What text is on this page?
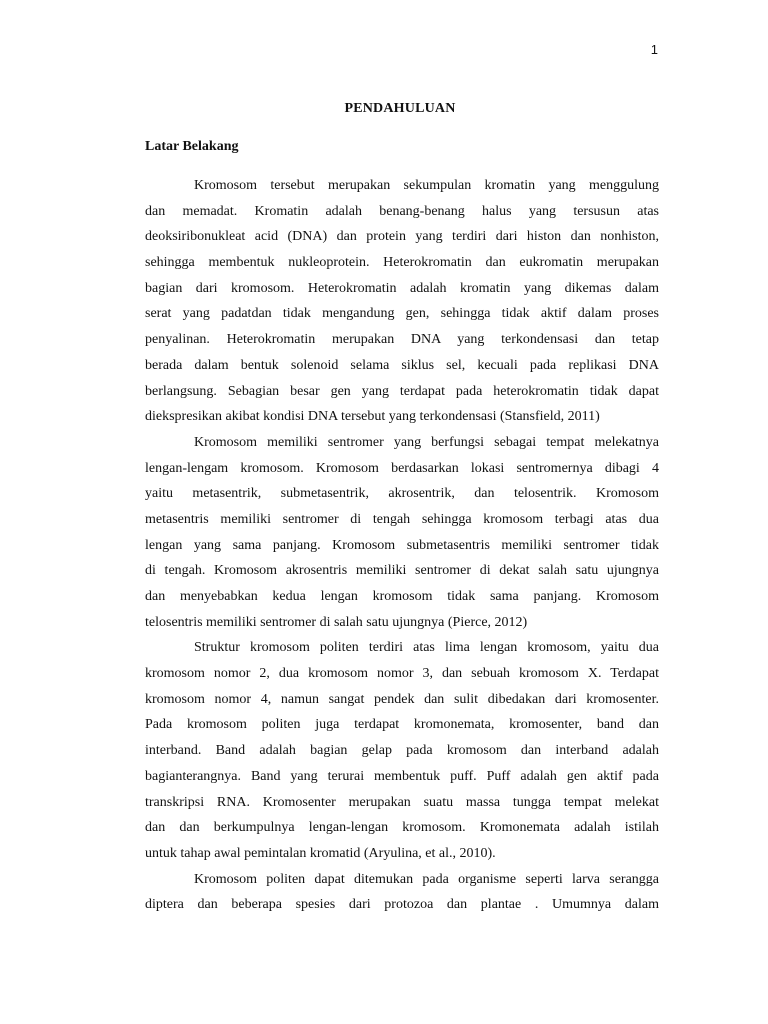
1
PENDAHULUAN
Latar Belakang
Kromosom tersebut merupakan sekumpulan kromatin yang menggulung
dan memadat. Kromatin adalah benang-benang halus yang tersusun atas
deoksiribonukleat acid (DNA) dan protein yang terdiri dari histon dan nonhiston,
sehingga membentuk nukleoprotein. Heterokromatin dan eukromatin merupakan
bagian dari kromosom. Heterokromatin adalah kromatin yang dikemas dalam
serat yang padatdan tidak mengandung gen, sehingga tidak aktif dalam proses
penyalinan. Heterokromatin merupakan DNA yang terkondensasi dan tetap
berada dalam bentuk solenoid selama siklus sel, kecuali pada replikasi DNA
berlangsung. Sebagian besar gen yang terdapat pada heterokromatin tidak dapat
diekspresikan akibat kondisi DNA tersebut yang terkondensasi (Stansfield, 2011)
Kromosom memiliki sentromer yang berfungsi sebagai tempat melekatnya
lengan-lengam kromosom. Kromosom berdasarkan lokasi sentromernya dibagi 4
yaitu metasentrik, submetasentrik, akrosentrik, dan telosentrik. Kromosom
metasentris memiliki sentromer di tengah sehingga kromosom terbagi atas dua
lengan yang sama panjang. Kromosom submetasentris memiliki sentromer tidak
di tengah. Kromosom akrosentris memiliki sentromer di dekat salah satu ujungnya
dan menyebabkan kedua lengan kromosom tidak sama panjang. Kromosom
telosentris memiliki sentromer di salah satu ujungnya (Pierce, 2012)
Struktur kromosom politen terdiri atas lima lengan kromosom, yaitu dua
kromosom nomor 2, dua kromosom nomor 3, dan sebuah kromosom X. Terdapat
kromosom nomor 4, namun sangat pendek dan sulit dibedakan dari kromosenter.
Pada kromosom politen juga terdapat kromonemata, kromosenter, band dan
interband. Band adalah bagian gelap pada kromosom dan interband adalah
bagianterangnya. Band yang terurai membentuk puff. Puff adalah gen aktif pada
transkripsi RNA. Kromosenter merupakan suatu massa tungga tempat melekat
dan dan berkumpulnya lengan-lengan kromosom. Kromonemata adalah istilah
untuk tahap awal pemintalan kromatid (Aryulina, et al., 2010).
Kromosom politen dapat ditemukan pada organisme seperti larva serangga
diptera dan beberapa spesies dari protozoa dan plantae . Umumnya dalam
